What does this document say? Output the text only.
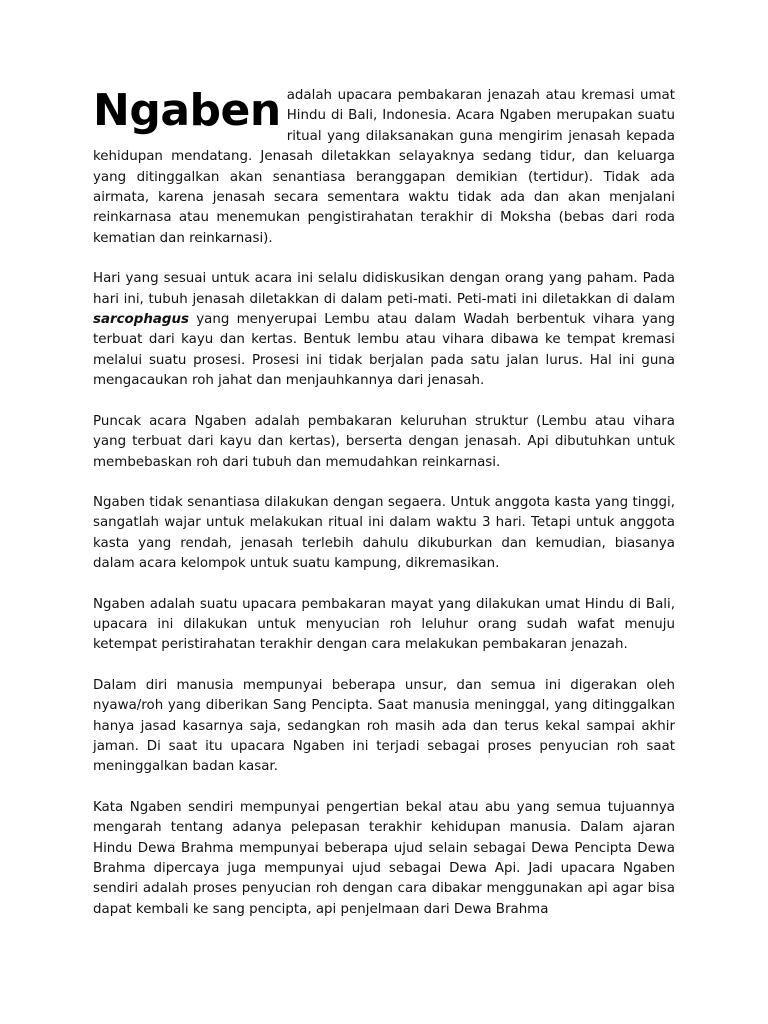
Ngaben adalah upacara pembakaran jenazah atau kremasi umat Hindu di Bali, Indonesia. Acara Ngaben merupakan suatu ritual yang dilaksanakan guna mengirim jenasah kepada kehidupan mendatang. Jenasah diletakkan selayaknya sedang tidur, dan keluarga yang ditinggalkan akan senantiasa beranggapan demikian (tertidur). Tidak ada airmata, karena jenasah secara sementara waktu tidak ada dan akan menjalani reinkarnasa atau menemukan pengistirahatan terakhir di Moksha (bebas dari roda kematian dan reinkarnasi).

Hari yang sesuai untuk acara ini selalu didiskusikan dengan orang yang paham. Pada hari ini, tubuh jenasah diletakkan di dalam peti-mati. Peti-mati ini diletakkan di dalam sarcophagus yang menyerupai Lembu atau dalam Wadah berbentuk vihara yang terbuat dari kayu dan kertas. Bentuk lembu atau vihara dibawa ke tempat kremasi melalui suatu prosesi. Prosesi ini tidak berjalan pada satu jalan lurus. Hal ini guna mengacaukan roh jahat dan menjauhkannya dari jenasah.

Puncak acara Ngaben adalah pembakaran keluruhan struktur (Lembu atau vihara yang terbuat dari kayu dan kertas), berserta dengan jenasah. Api dibutuhkan untuk membebaskan roh dari tubuh dan memudahkan reinkarnasi.

Ngaben tidak senantiasa dilakukan dengan segaera. Untuk anggota kasta yang tinggi, sangatlah wajar untuk melakukan ritual ini dalam waktu 3 hari. Tetapi untuk anggota kasta yang rendah, jenasah terlebih dahulu dikuburkan dan kemudian, biasanya dalam acara kelompok untuk suatu kampung, dikremasikan.

Ngaben adalah suatu upacara pembakaran mayat yang dilakukan umat Hindu di Bali, upacara ini dilakukan untuk menyucian roh leluhur orang sudah wafat menuju ketempat peristirahatan terakhir dengan cara melakukan pembakaran jenazah.

Dalam diri manusia mempunyai beberapa unsur, dan semua ini digerakan oleh nyawa/roh yang diberikan Sang Pencipta. Saat manusia meninggal, yang ditinggalkan hanya jasad kasarnya saja, sedangkan roh masih ada dan terus kekal sampai akhir jaman. Di saat itu upacara Ngaben ini terjadi sebagai proses penyucian roh saat meninggalkan badan kasar.

Kata Ngaben sendiri mempunyai pengertian bekal atau abu yang semua tujuannya mengarah tentang adanya pelepasan terakhir kehidupan manusia. Dalam ajaran Hindu Dewa Brahma mempunyai beberapa ujud selain sebagai Dewa Pencipta Dewa Brahma dipercaya juga mempunyai ujud sebagai Dewa Api. Jadi upacara Ngaben sendiri adalah proses penyucian roh dengan cara dibakar menggunakan api agar bisa dapat kembali ke sang pencipta, api penjelmaan dari Dewa Brahma
